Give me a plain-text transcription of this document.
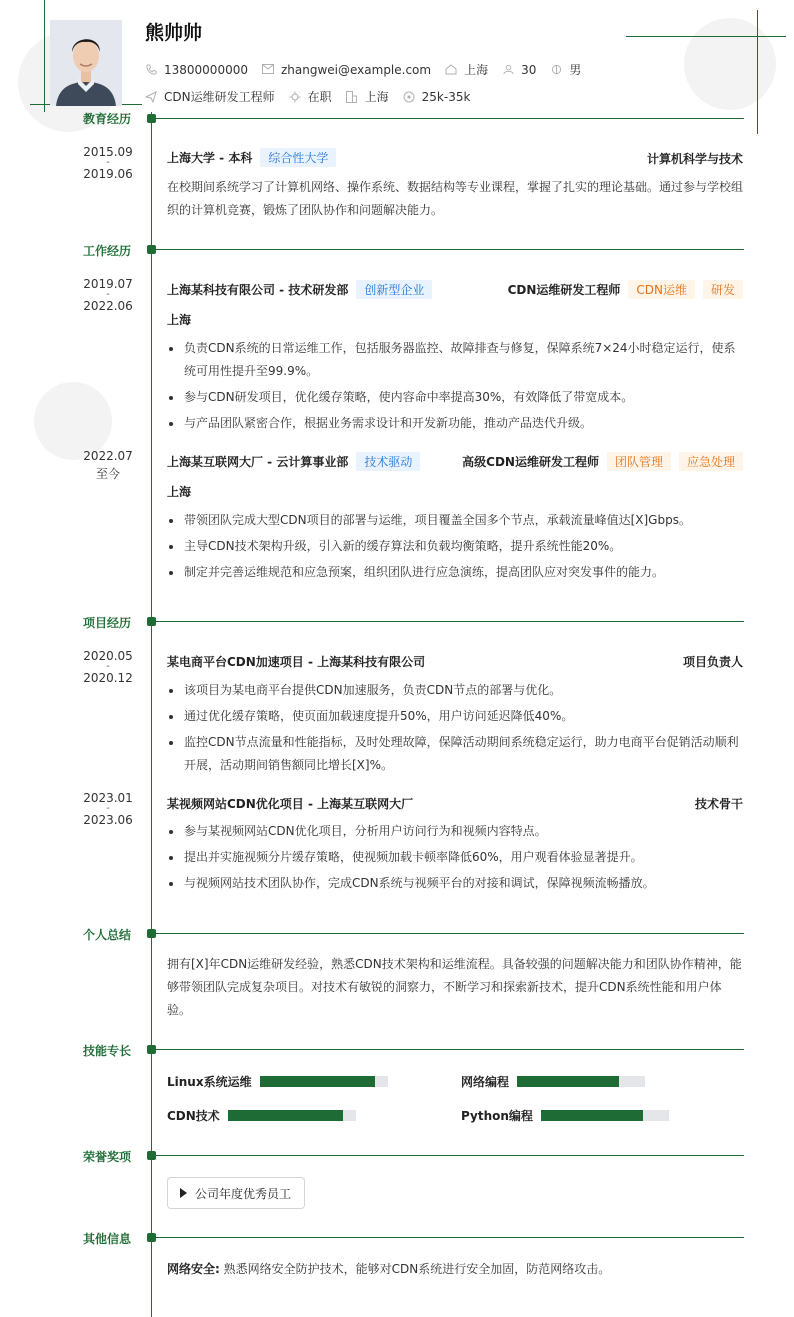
熊帅帅
13800000000	zhangwei@example.com	上海	30	男
CDN运维研发工程师	在职	上海	25k-35k
教育经历
2015.09
-
2019.06
上海大学 - 本科	综合性大学	计算机科学与技术
在校期间系统学习了计算机网络、操作系统、数据结构等专业课程，掌握了扎实的理论基础。通过参与学校组织的计算机竞赛，锻炼了团队协作和问题解决能力。
工作经历
2019.07
-
2022.06
上海某科技有限公司 - 技术研发部	创新型企业	CDN运维研发工程师	CDN运维	研发
上海
负责CDN系统的日常运维工作，包括服务器监控、故障排查与修复，保障系统7×24小时稳定运行，使系统可用性提升至99.9%。
参与CDN研发项目，优化缓存策略，使内容命中率提高30%，有效降低了带宽成本。
与产品团队紧密合作，根据业务需求设计和开发新功能，推动产品迭代升级。
2022.07
至今
上海某互联网大厂 - 云计算事业部	技术驱动	高级CDN运维研发工程师	团队管理	应急处理
上海
带领团队完成大型CDN项目的部署与运维，项目覆盖全国多个节点，承载流量峰值达[X]Gbps。
主导CDN技术架构升级，引入新的缓存算法和负载均衡策略，提升系统性能20%。
制定并完善运维规范和应急预案，组织团队进行应急演练，提高团队应对突发事件的能力。
项目经历
2020.05
-
2020.12
某电商平台CDN加速项目 - 上海某科技有限公司	项目负责人
该项目为某电商平台提供CDN加速服务，负责CDN节点的部署与优化。
通过优化缓存策略，使页面加载速度提升50%，用户访问延迟降低40%。
监控CDN节点流量和性能指标，及时处理故障，保障活动期间系统稳定运行，助力电商平台促销活动顺利开展，活动期间销售额同比增长[X]%。
2023.01
-
2023.06
某视频网站CDN优化项目 - 上海某互联网大厂	技术骨干
参与某视频网站CDN优化项目，分析用户访问行为和视频内容特点。
提出并实施视频分片缓存策略，使视频加载卡顿率降低60%，用户观看体验显著提升。
与视频网站技术团队协作，完成CDN系统与视频平台的对接和调试，保障视频流畅播放。
个人总结
拥有[X]年CDN运维研发经验，熟悉CDN技术架构和运维流程。具备较强的问题解决能力和团队协作精神，能够带领团队完成复杂项目。对技术有敏锐的洞察力，不断学习和探索新技术，提升CDN系统性能和用户体验。
技能专长
Linux系统运维	网络编程
CDN技术	Python编程
荣誉奖项
公司年度优秀员工
其他信息
网络安全: 熟悉网络安全防护技术，能够对CDN系统进行安全加固，防范网络攻击。
